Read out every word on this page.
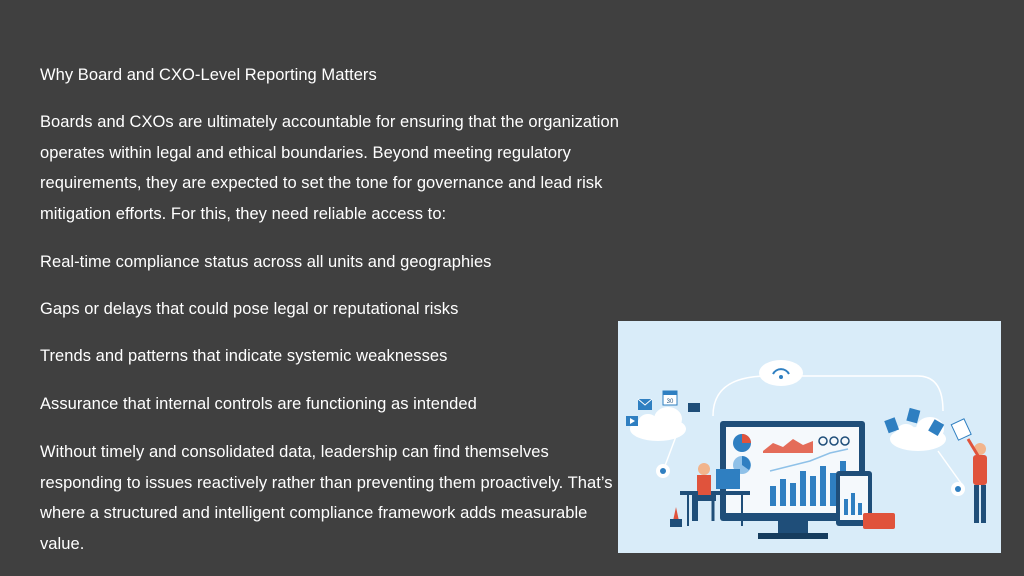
Why Board and CXO-Level Reporting Matters

Boards and CXOs are ultimately accountable for ensuring that the organization operates within legal and ethical boundaries. Beyond meeting regulatory requirements, they are expected to set the tone for governance and lead risk mitigation efforts. For this, they need reliable access to:

Real-time compliance status across all units and geographies

Gaps or delays that could pose legal or reputational risks

Trends and patterns that indicate systemic weaknesses

Assurance that internal controls are functioning as intended

Without timely and consolidated data, leadership can find themselves responding to issues reactively rather than preventing them proactively. That’s where a structured and intelligent compliance framework adds measurable value.

30
